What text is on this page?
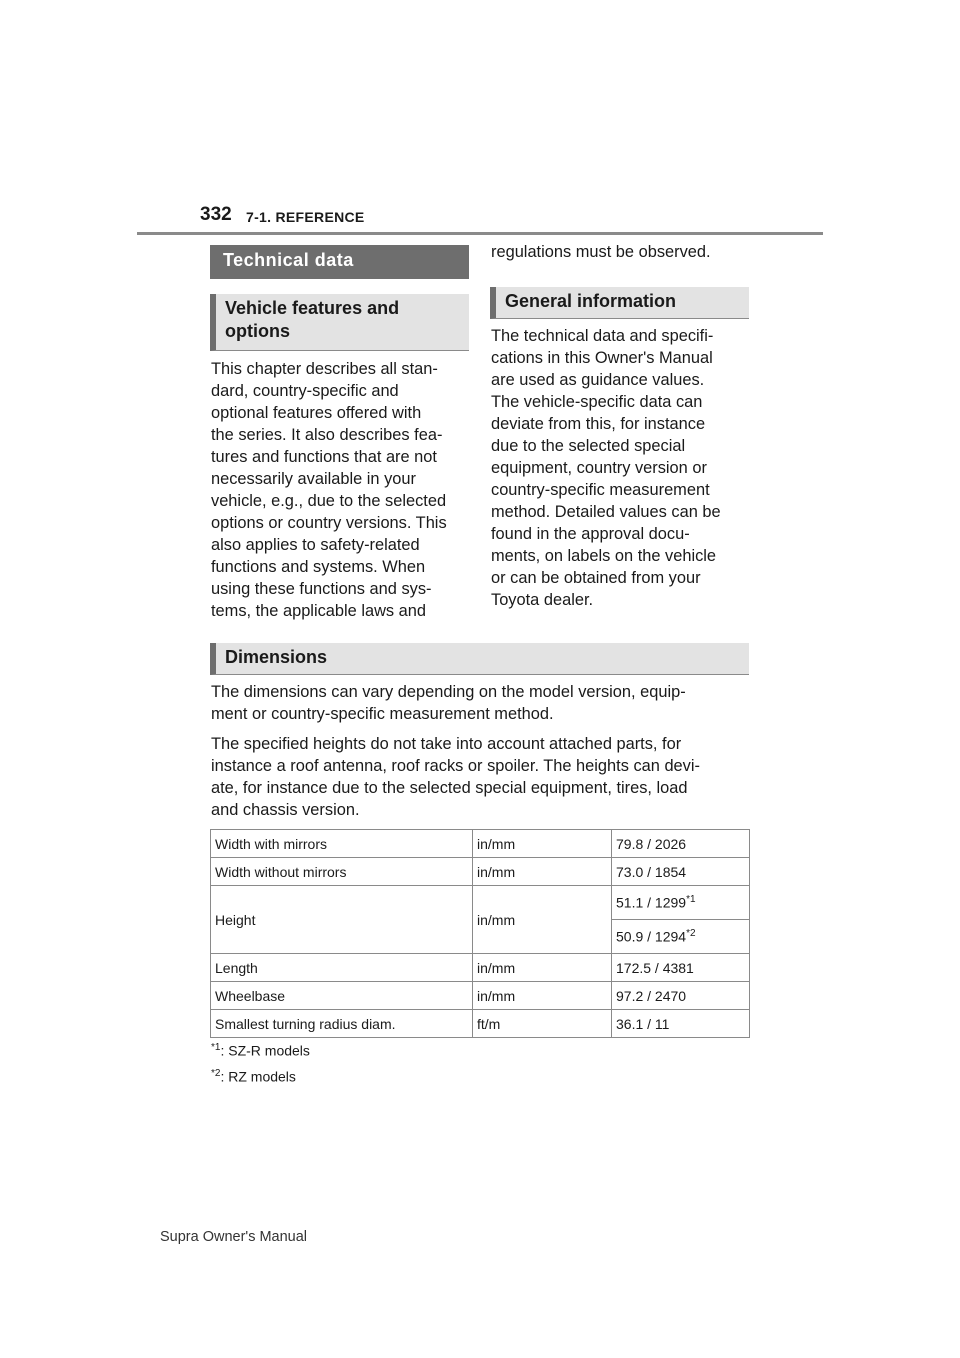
332 7-1. REFERENCE
Technical data
Vehicle features and options
This chapter describes all stan-
dard, country-specific and
optional features offered with
the series. It also describes fea-
tures and functions that are not
necessarily available in your
vehicle, e.g., due to the selected
options or country versions. This
also applies to safety-related
functions and systems. When
using these functions and sys-
tems, the applicable laws and
regulations must be observed.
General information
The technical data and specifi-
cations in this Owner's Manual
are used as guidance values.
The vehicle-specific data can
deviate from this, for instance
due to the selected special
equipment, country version or
country-specific measurement
method. Detailed values can be
found in the approval docu-
ments, on labels on the vehicle
or can be obtained from your
Toyota dealer.
Dimensions
The dimensions can vary depending on the model version, equip-
ment or country-specific measurement method.
The specified heights do not take into account attached parts, for
instance a roof antenna, roof racks or spoiler. The heights can devi-
ate, for instance due to the selected special equipment, tires, load
and chassis version.
Width with mirrors	in/mm	79.8 / 2026
Width without mirrors	in/mm	73.0 / 1854
Height	in/mm	51.1 / 1299$^{*1}$
		50.9 / 1294$^{*2}$
Length	in/mm	172.5 / 4381
Wheelbase	in/mm	97.2 / 2470
Smallest turning radius diam.	ft/m	36.1 / 11
$^{*1}$: SZ-R models
$^{*2}$: RZ models
Supra Owner's Manual
